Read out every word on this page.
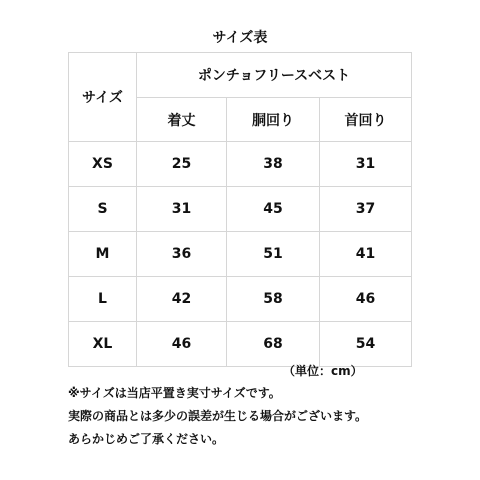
サイズ表
サイズ	ポンチョフリースベスト		
	着丈	胴回り	首回り
XS	25	38	31
S	31	45	37
M	36	51	41
L	42	58	46
XL	46	68	54
（単位：cm）
※サイズは当店平置き実寸サイズです。
実際の商品とは多少の誤差が生じる場合がございます。
あらかじめご了承ください。
